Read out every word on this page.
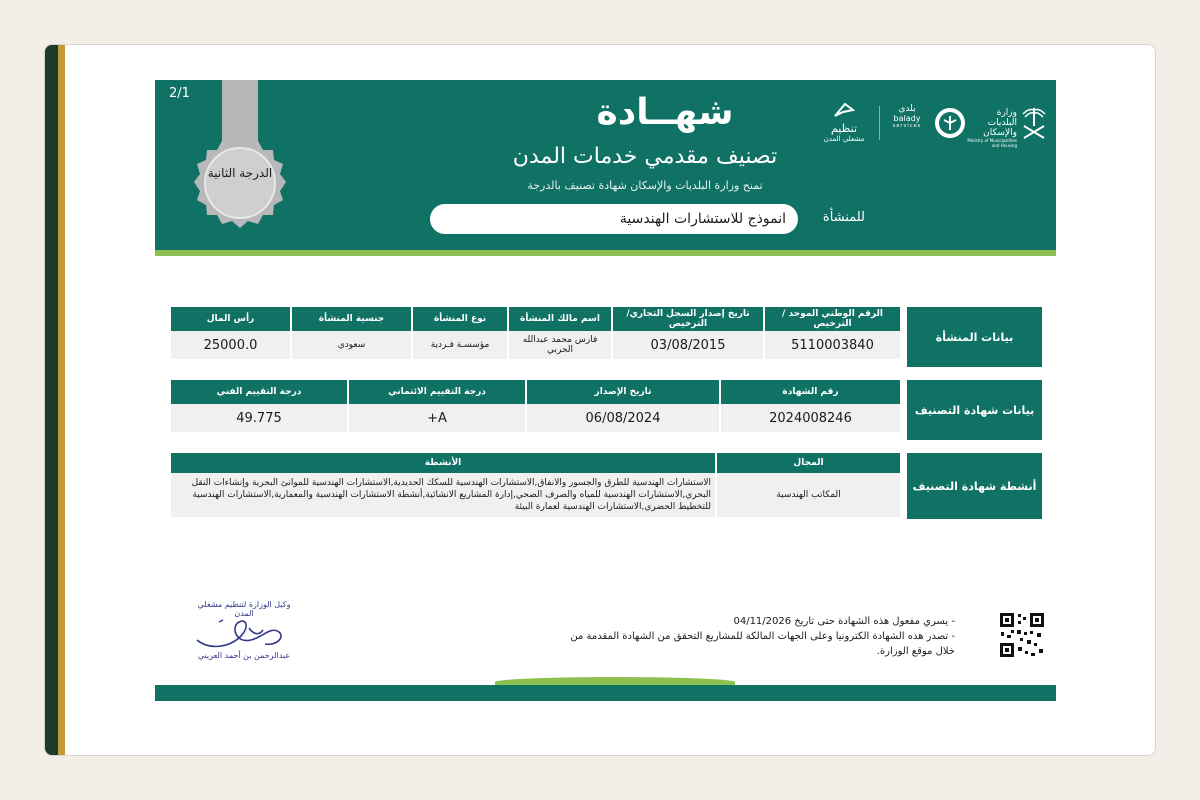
2/1
الدرجة الثانية
شهــادة
تصنيف مقدمي خدمات المدن
تمنح وزارة البلديات والإسكان شهادة تصنيف بالدرجة
انموذج للاستشارات الهندسية	للمنشأة
تنظيم
مشغلي المدن
بلدي
balady
services
وزارة البلديات والإسكان
Ministry of Municipalities and Housing
بيانات المنشأة
الرقم الوطني الموحد /الترخيص	تاريخ إصدار السجل التجاري/ الترخيص	اسم مالك المنشأة	نوع المنشأة	جنسية المنشأة	رأس المال
5110003840	03/08/2015	فارس محمد عبدالله الحربي	مؤسسـة فـردية	سعودي	25000.0
بيانات شهادة التصنيف
رقم الشهادة	تاريخ الإصدار	درجة التقييم الائتماني	درجة التقييم الفني
2024008246	06/08/2024	A+	49.775
أنشطة شهادة التصنيف
المجال	الأنشطة
المكاتب الهندسية	الاستشارات الهندسية للطرق والجسور والانفاق,الاستشارات الهندسية للسكك الحديدية,الاستشارات الهندسية للموانئ البحرية وإنشاءات النقل البحري,الاستشارات الهندسية للمياه والصرف الصحي,إدارة المشاريع الانشائية,أنشطة الاستشارات الهندسية والمعمارية,الاستشارات الهندسية للتخطيط الحضري,الاستشارات الهندسية لعمارة البيئة
- يسري مفعول هذه الشهادة حتى تاريخ 04/11/2026
- تصدر هذه الشهادة الكترونيا وعلى الجهات المالكة للمشاريع التحقق من الشهادة المقدمة من خلال موقع الوزارة.
وكيل الوزارة لتنظيم مشغلي المدن
عبدالرحمن بن أحمد العريني
